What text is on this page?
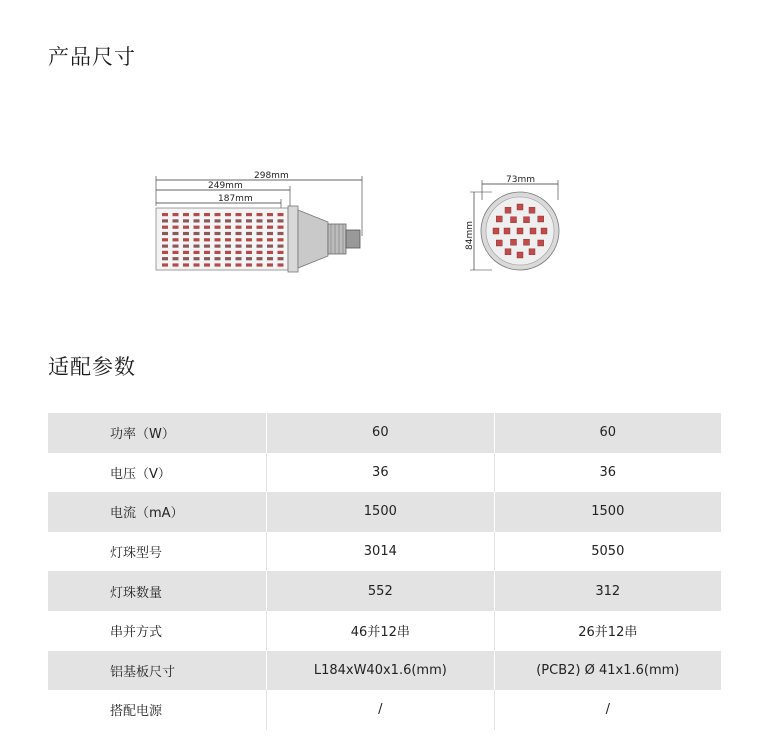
产品尺寸
298mm
249mm
187mm
73mm
84mm
适配参数
功率（W）	60	60
电压（V）	36	36
电流（mA）	1500	1500
灯珠型号	3014	5050
灯珠数量	552	312
串并方式	46并12串	26并12串
铝基板尺寸	L184xW40x1.6(mm)	(PCB2) Ø 41x1.6(mm)
搭配电源	/	/
